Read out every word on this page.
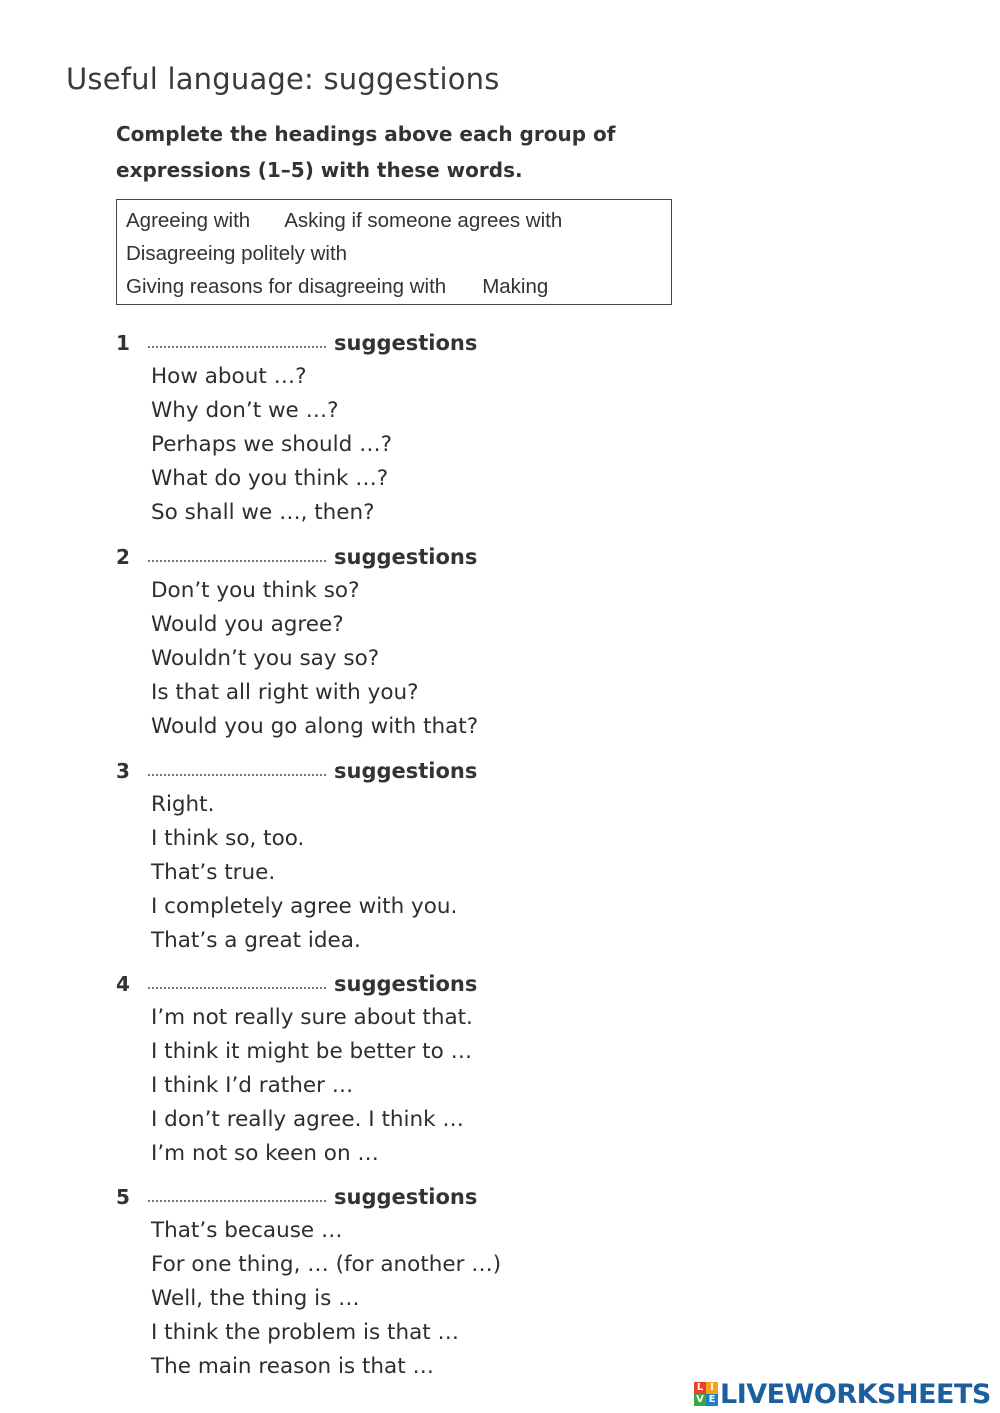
Useful language: suggestions

Complete the headings above each group of expressions (1–5) with these words.

Agreeing with Asking if someone agrees with
Disagreeing politely with
Giving reasons for disagreeing with Making
1	suggestions
How about …?
Why don’t we …?
Perhaps we should …?
What do you think …?
So shall we …, then?
2	suggestions
Don’t you think so?
Would you agree?
Wouldn’t you say so?
Is that all right with you?
Would you go along with that?
3	suggestions
Right.
I think so, too.
That’s true.
I completely agree with you.
That’s a great idea.
4	suggestions
I’m not really sure about that.
I think it might be better to …
I think I’d rather …
I don’t really agree. I think …
I’m not so keen on …
5	suggestions
That’s because …
For one thing, … (for another …)
Well, the thing is …
I think the problem is that …
The main reason is that …
L I
V E LIVEWORKSHEETS
